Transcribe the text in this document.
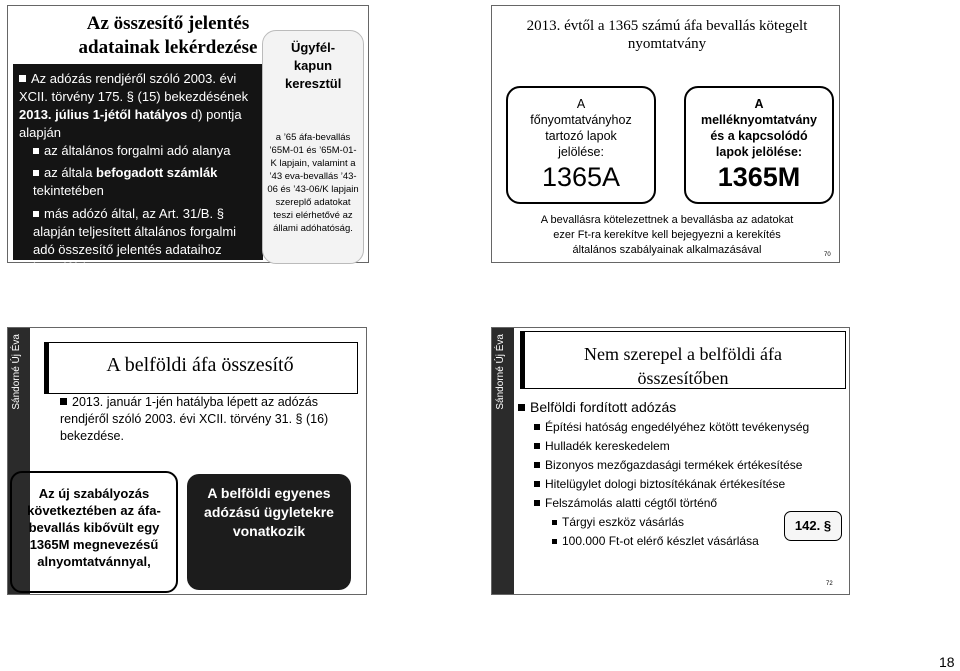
Az összesítő jelentés adatainak lekérdezése
Az adózás rendjéről szóló 2003. évi XCII. törvény 175. § (15) bekezdésének 2013. július 1-jétől hatályos d) pontja alapján
az általános forgalmi adó alanya
az általa befogadott számlák tekintetében
más adózó által, az Art. 31/B. § alapján teljesített általános forgalmi adó összesítő jelentés adataihoz hozzáférhet.
Ügyfél-kapun keresztül
a ’65 áfa-bevallás ’65M-01 és ’65M-01-K lapjain, valamint a ’43 eva-bevallás ’43-06 és ’43-06/K lapjain szereplő adatokat teszi elérhetővé az állami adóhatóság.
2013. évtől a 1365 számú áfa bevallás kötegelt nyomtatvány
A főnyomtatványhoz tartozó lapok jelölése:
1365A
A melléknyomtatvány és a kapcsolódó lapok jelölése:
1365M
A bevallásra kötelezettnek a bevallásba az adatokat ezer Ft-ra kerekítve kell bejegyezni a kerekítés általános szabályainak alkalmazásával	70
Sándorné Új Éva	A belföldi áfa összesítő
2013. január 1-jén hatályba lépett az adózás rendjéről szóló 2003. évi XCII. törvény 31. § (16) bekezdése.
Az új szabályozás következtében az áfa-bevallás kibővült egy 1365M megnevezésű alnyomtatvánnyal,
A belföldi egyenes adózású ügyletekre vonatkozik
Sándorné Új Éva	Nem szerepel a belföldi áfa összesítőben
Belföldi fordított adózás
Építési hatóság engedélyéhez kötött tevékenység
Hulladék kereskedelem
Bizonyos mezőgazdasági termékek értékesítése
Hitelügylet dologi biztosítékának értékesítése
Felszámolás alatti cégtől történő
Tárgyi eszköz vásárlás
100.000 Ft-ot elérő készlet vásárlása
142. §
72
18
